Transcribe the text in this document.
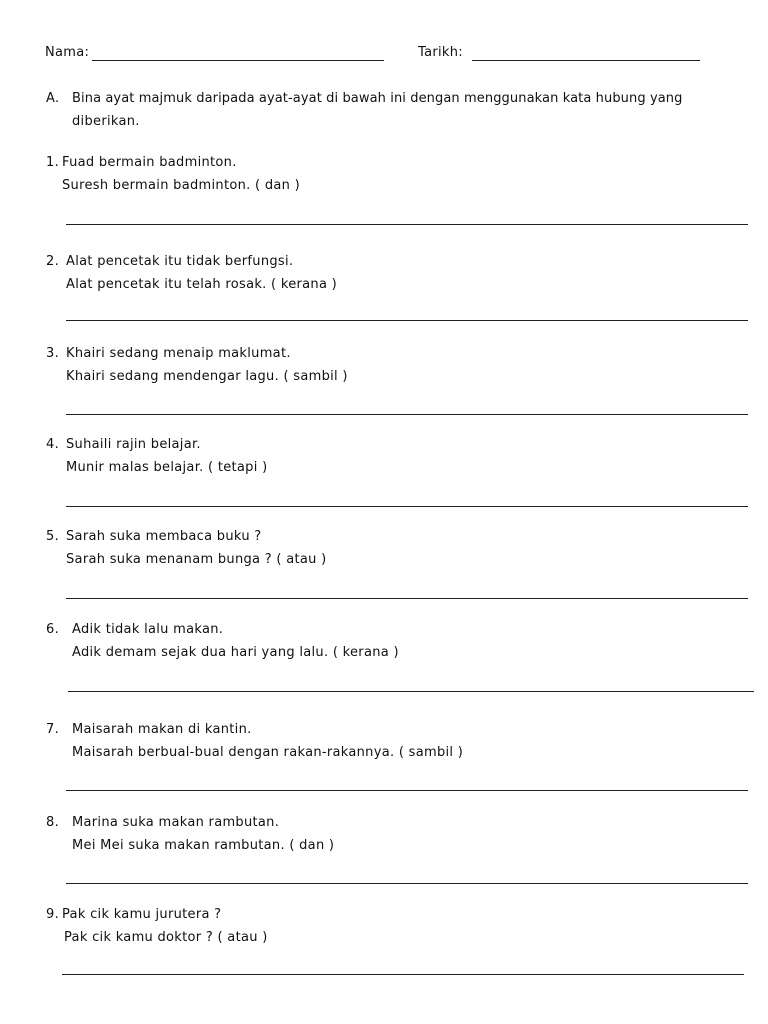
Nama:	Tarikh:
A. Bina ayat majmuk daripada ayat-ayat di bawah ini dengan menggunakan kata hubung yang
diberikan.
1. Fuad bermain badminton.
Suresh bermain badminton. ( dan )
2. Alat pencetak itu tidak berfungsi.
Alat pencetak itu telah rosak. ( kerana )
3. Khairi sedang menaip maklumat.
Khairi sedang mendengar lagu. ( sambil )
4. Suhaili rajin belajar.
Munir malas belajar. ( tetapi )
5. Sarah suka membaca buku ?
Sarah suka menanam bunga ? ( atau )
6. Adik tidak lalu makan.
Adik demam sejak dua hari yang lalu. ( kerana )
7. Maisarah makan di kantin.
Maisarah berbual-bual dengan rakan-rakannya. ( sambil )
8. Marina suka makan rambutan.
Mei Mei suka makan rambutan. ( dan )
9. Pak cik kamu jurutera ?
Pak cik kamu doktor ? ( atau )
